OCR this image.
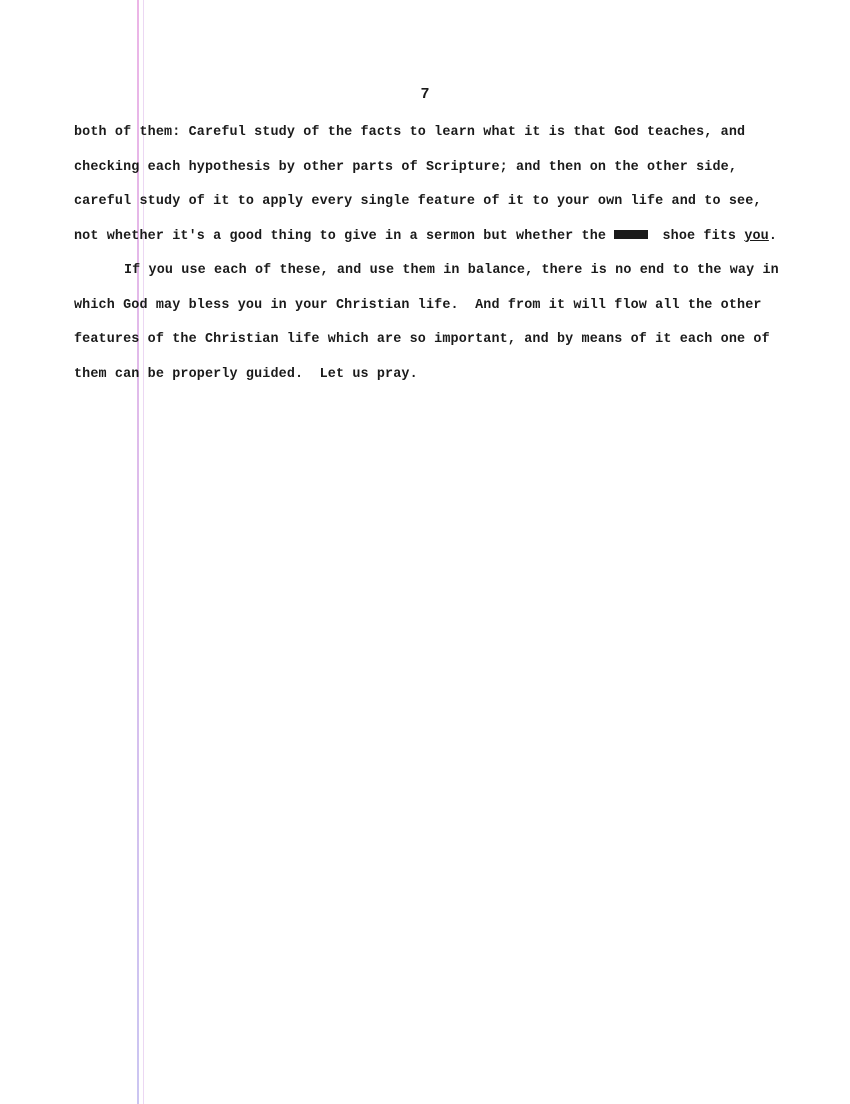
7
both of them: Careful study of the facts to learn what it is that God teaches, and
checking each hypothesis by other parts of Scripture; and then on the other side,
careful study of it to apply every single feature of it to your own life and to see,
not whether it's a good thing to give in a sermon but whether the	shoe fits you.
If you use each of these, and use them in balance, there is no end to the way in
which God may bless you in your Christian life.  And from it will flow all the other
features of the Christian life which are so important, and by means of it each one of
them can be properly guided.  Let us pray.
